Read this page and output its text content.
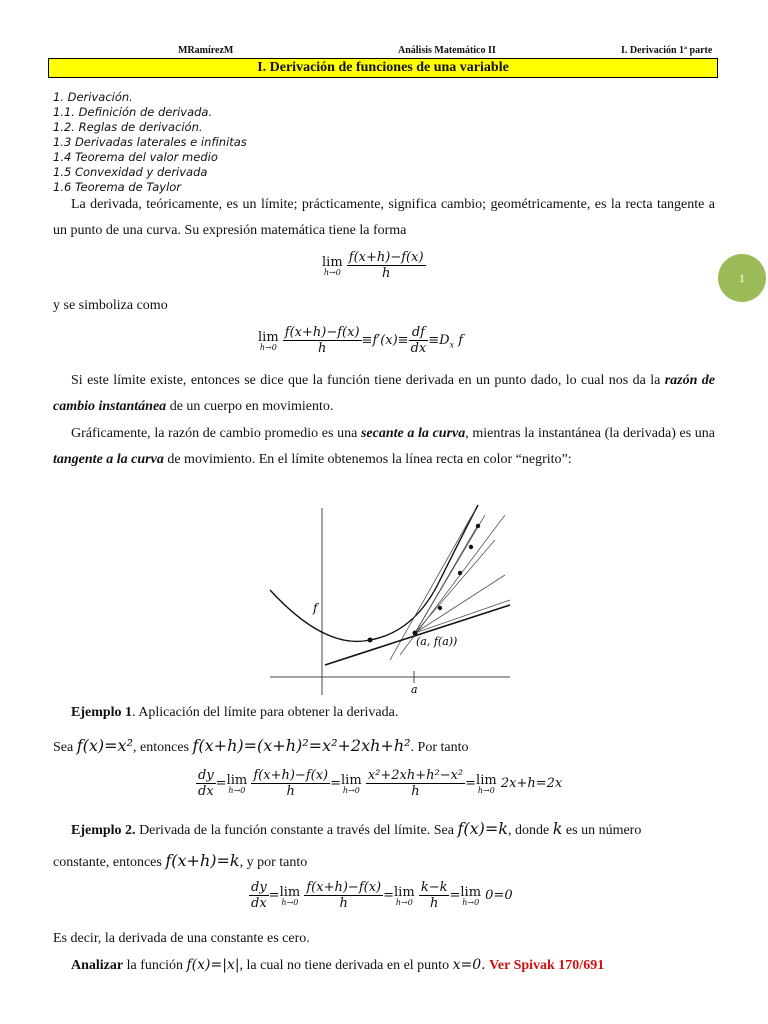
MRamírezM	Análisis Matemático II	I. Derivación 1ª parte
I. Derivación de funciones de una variable
1. Derivación.
1.1. Definición de derivada.
1.2. Reglas de derivación.
1.3 Derivadas laterales e infinitas
1.4 Teorema del valor medio
1.5 Convexidad y derivada
1.6 Teorema de Taylor
1
La derivada, teóricamente, es un límite; prácticamente, significa cambio; geométricamente, es la recta tangente a un punto de una curva. Su expresión matemática tiene la forma
lim
h→0
$\frac{f(x+h)-f(x)}{h}$
y se simboliza como
lim
h→0
$\frac{f(x+h)-f(x)}{h} \equiv f'(x)\equiv \frac{df}{dx} \equiv D_x$ f
Si este límite existe, entonces se dice que la función tiene derivada en un punto dado, lo cual nos da la razón de cambio instantánea de un cuerpo en movimiento.
Gráficamente, la razón de cambio promedio es una secante a la curva, mientras la instantánea (la derivada) es una tangente a la curva de movimiento. En el límite obtenemos la línea recta en color “negrito”:
f
(a, f(a))
a
Ejemplo 1. Aplicación del límite para obtener la derivada.
Sea f(x)=x², entonces f(x+h)=(x+h)²=x²+2xh+h². Por tanto
$\frac{dy}{dx} =\lim$
h→0
$\frac{f(x+h)-f(x)}{h} =\lim$
h→0
$\frac{\text{x²+2xh+h²−x²}}{h} =\lim$
h→0 2x+h=2x
Ejemplo 2. Derivada de la función constante a través del límite. Sea f(x)=k, donde k es un número
constante, entonces f(x+h)=k, y por tanto
$\frac{dy}{dx} =\lim$
h→0
$\frac{f(x+h)-f(x)}{h} =\lim$
h→0
$\frac{k-k}{h} =\lim$
h→0 0=0
Es decir, la derivada de una constante es cero.
Analizar la función f(x)=|x|, la cual no tiene derivada en el punto x=0. Ver Spivak 170/691
